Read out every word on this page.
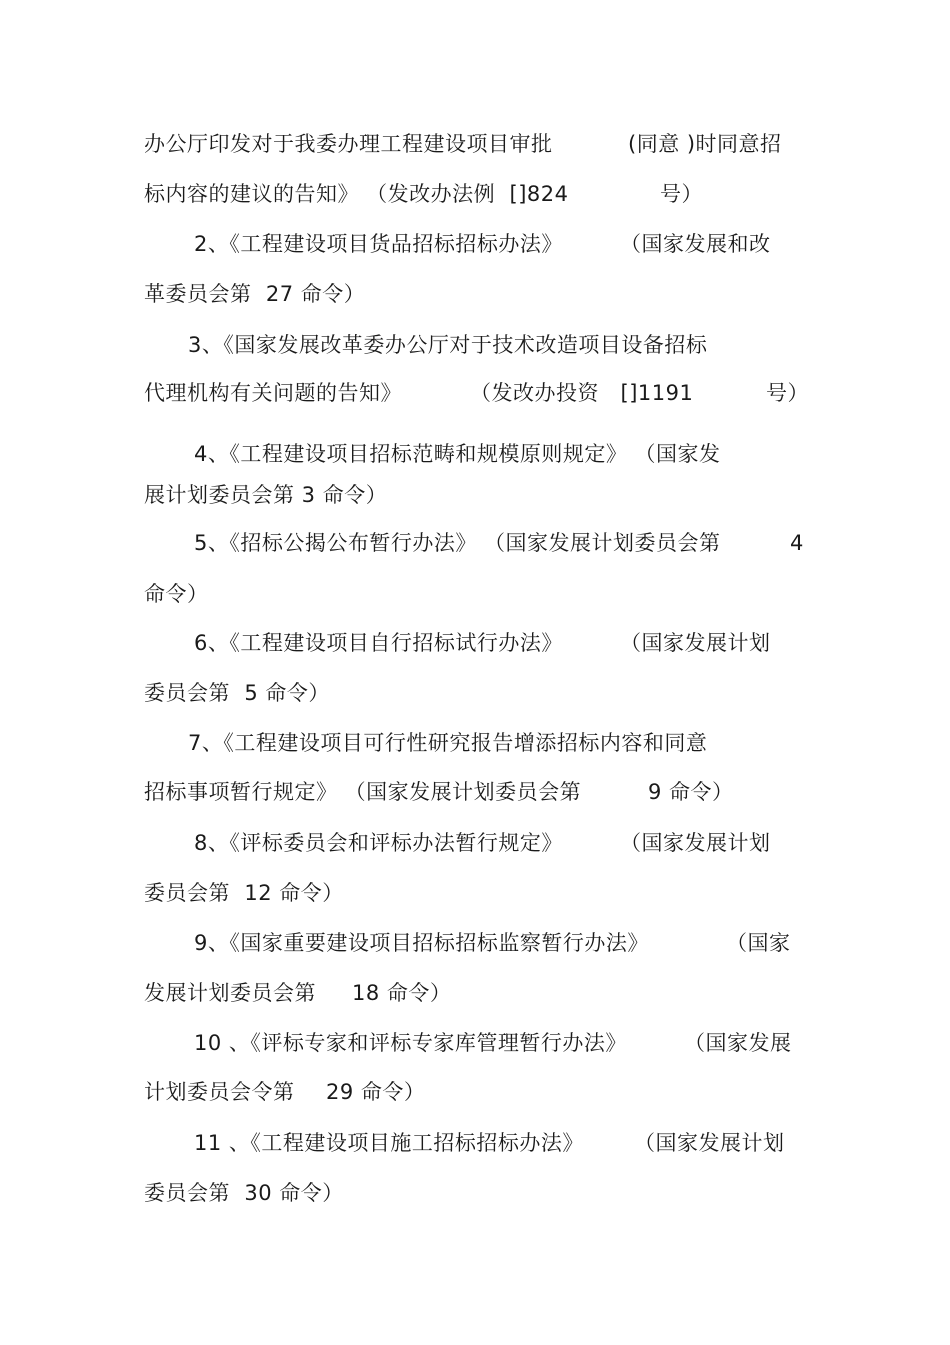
办公厅印发对于我委办理工程建设项目审批

	(同意 )时同意招

标内容的建议的告知》 （发改办法例  []824

	号）

2、《工程建设项目货品招标招标办法》

	（国家发展和改

革委员会第  27 命令）

3、《国家发展改革委办公厅对于技术改造项目设备招标

代理机构有关问题的告知》

	（发改办投资   []1191

	号）

4、《工程建设项目招标范畴和规模原则规定》 （国家发

展计划委员会第 3 命令）

5、《招标公揭公布暂行办法》 （国家发展计划委员会第

	4

命令）

6、《工程建设项目自行招标试行办法》

	（国家发展计划

委员会第  5 命令）

7、《工程建设项目可行性研究报告增添招标内容和同意

招标事项暂行规定》 （国家发展计划委员会第

	9 命令）

8、《评标委员会和评标办法暂行规定》

	（国家发展计划

委员会第  12 命令）

9、《国家重要建设项目招标招标监察暂行办法》

	（国家

发展计划委员会第

18 命令）

10 、《评标专家和评标专家库管理暂行办法》

	（国家发展

计划委员会令第

29 命令）

11 、《工程建设项目施工招标招标办法》

（国家发展计划

委员会第  30 命令）
